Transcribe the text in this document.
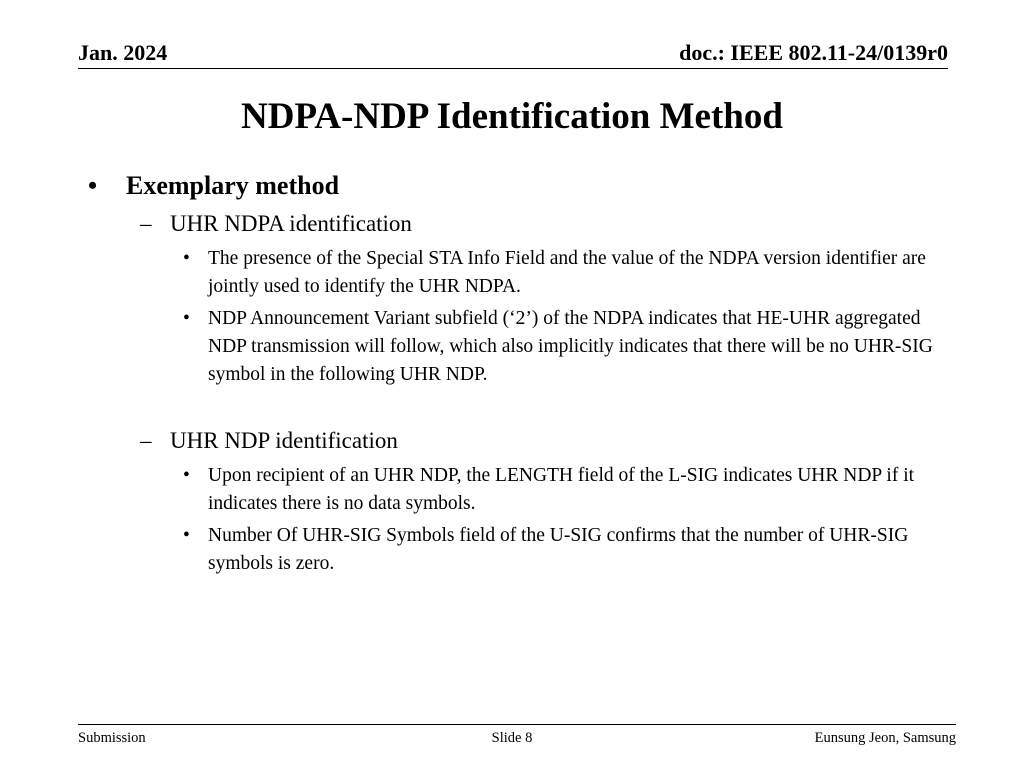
Jan. 2024	doc.: IEEE 802.11-24/0139r0
NDPA-NDP Identification Method
• Exemplary method
– UHR NDPA identification
• The presence of the Special STA Info Field and the value of the NDPA version identifier are jointly used to identify the UHR NDPA.
• NDP Announcement Variant subfield (‘2’) of the NDPA indicates that HE-UHR aggregated NDP transmission will follow, which also implicitly indicates that there will be no UHR-SIG symbol in the following UHR NDP.
– UHR NDP identification
• Upon recipient of an UHR NDP, the LENGTH field of the L-SIG indicates UHR NDP if it indicates there is no data symbols.
• Number Of UHR-SIG Symbols field of the U-SIG confirms that the number of UHR-SIG symbols is zero.
Submission	Slide 8	Eunsung Jeon, Samsung
